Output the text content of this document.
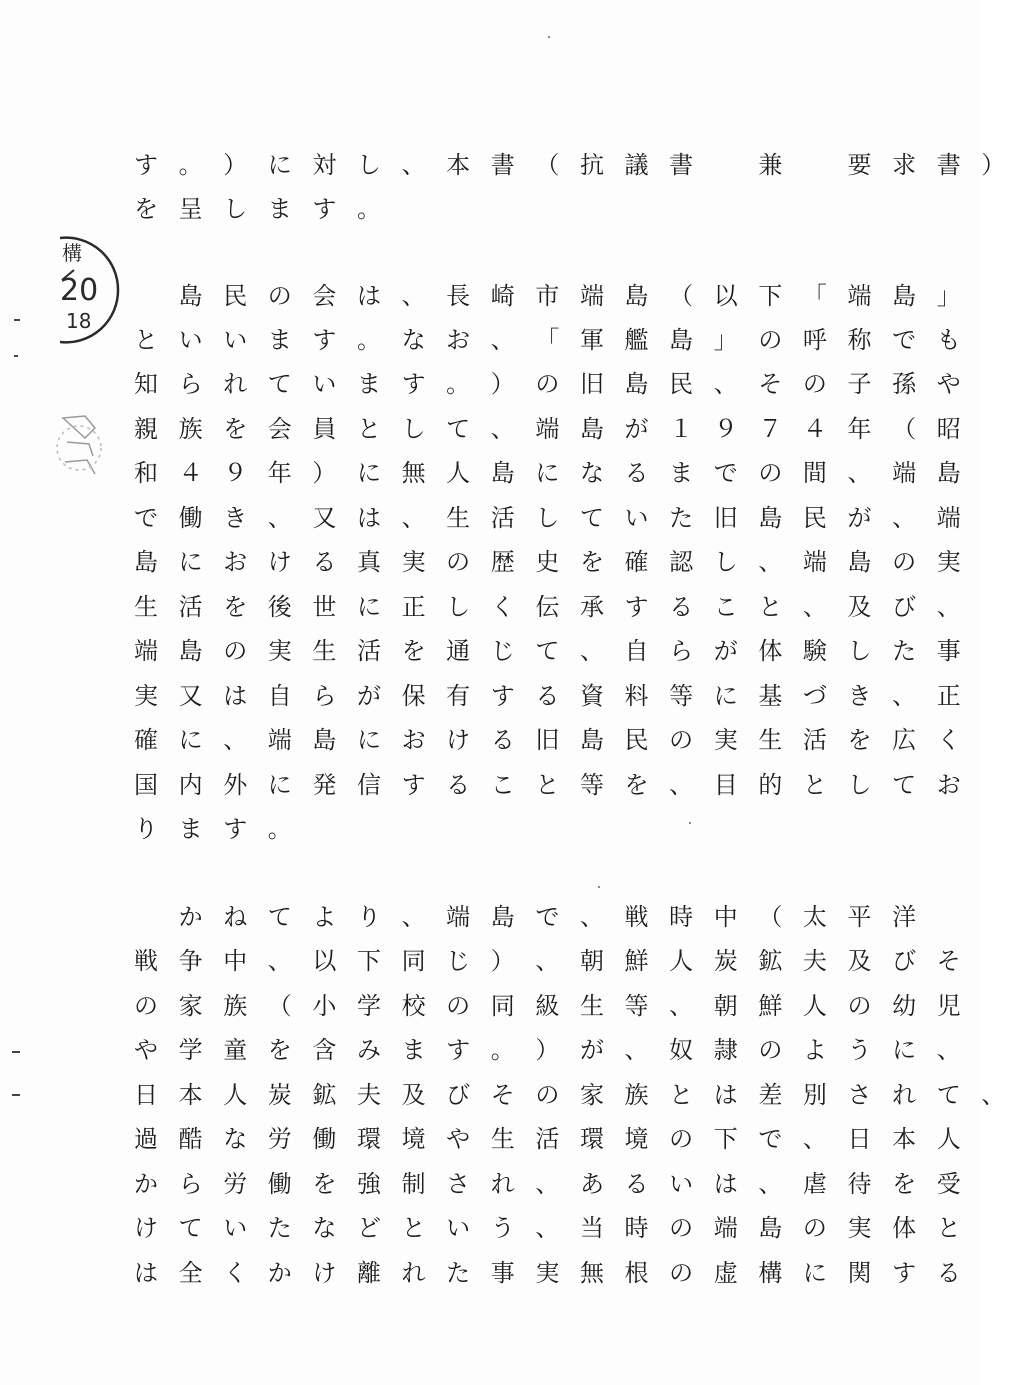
す 。 ） に 対 し 、 本 書 （ 抗 議 書	兼	要 求 書 ）
を 呈 し ま す 。
　島 民 の 会 は 、 長 崎 市 端 島 （ 以 下 「 端 島 」
と い い ま す 。 な お 、 「 軍 艦 島 」 の 呼 称 で も
知 ら れ て い ま す 。 ） の 旧 島 民 、 そ の 子 孫 や
親 族 を 会 員 と し て 、 端 島 が １ ９ ７ ４ 年 （ 昭
和 ４ ９ 年 ） に 無 人 島 に な る ま で の 間 、 端 島
で 働 き 、 又 は 、 生 活 し て い た 旧 島 民 が 、 端
島 に お け る 真 実 の 歴 史 を 確 認 し 、 端 島 の 実
生 活 を 後 世 に 正 し く 伝 承 す る こ と 、 及 び 、
端 島 の 実 生 活 を 通 じ て 、 自 ら が 体 験 し た 事
実 又 は 自 ら が 保 有 す る 資 料 等 に 基 づ き 、 正
確 に 、 端 島 に お け る 旧 島 民 の 実 生 活 を 広 く
国 内 外 に 発 信 す る こ と 等 を 、 目 的 と し て お
り ま す 。
　か ね て よ り 、 端 島 で 、 戦 時 中 （ 太 平 洋
戦 争 中 、 以 下 同 じ ） 、 朝 鮮 人 炭 鉱 夫 及 び そ
の 家 族 （ 小 学 校 の 同 級 生 等 、 朝 鮮 人 の 幼 児
や 学 童 を 含 み ま す 。 ） が 、 奴 隷 の よ う に 、
日 本 人 炭 鉱 夫 及 び そ の 家 族 と は 差 別 さ れ て 、
過 酷 な 労 働 環 境 や 生 活 環 境 の 下 で 、 日 本 人
か ら 労 働 を 強 制 さ れ 、 あ る い は 、 虐 待 を 受
け て い た な ど と い う 、 当 時 の 端 島 の 実 体 と
は 全 く か け 離 れ た 事 実 無 根 の 虚 構 に 関 す る
構
20
18
